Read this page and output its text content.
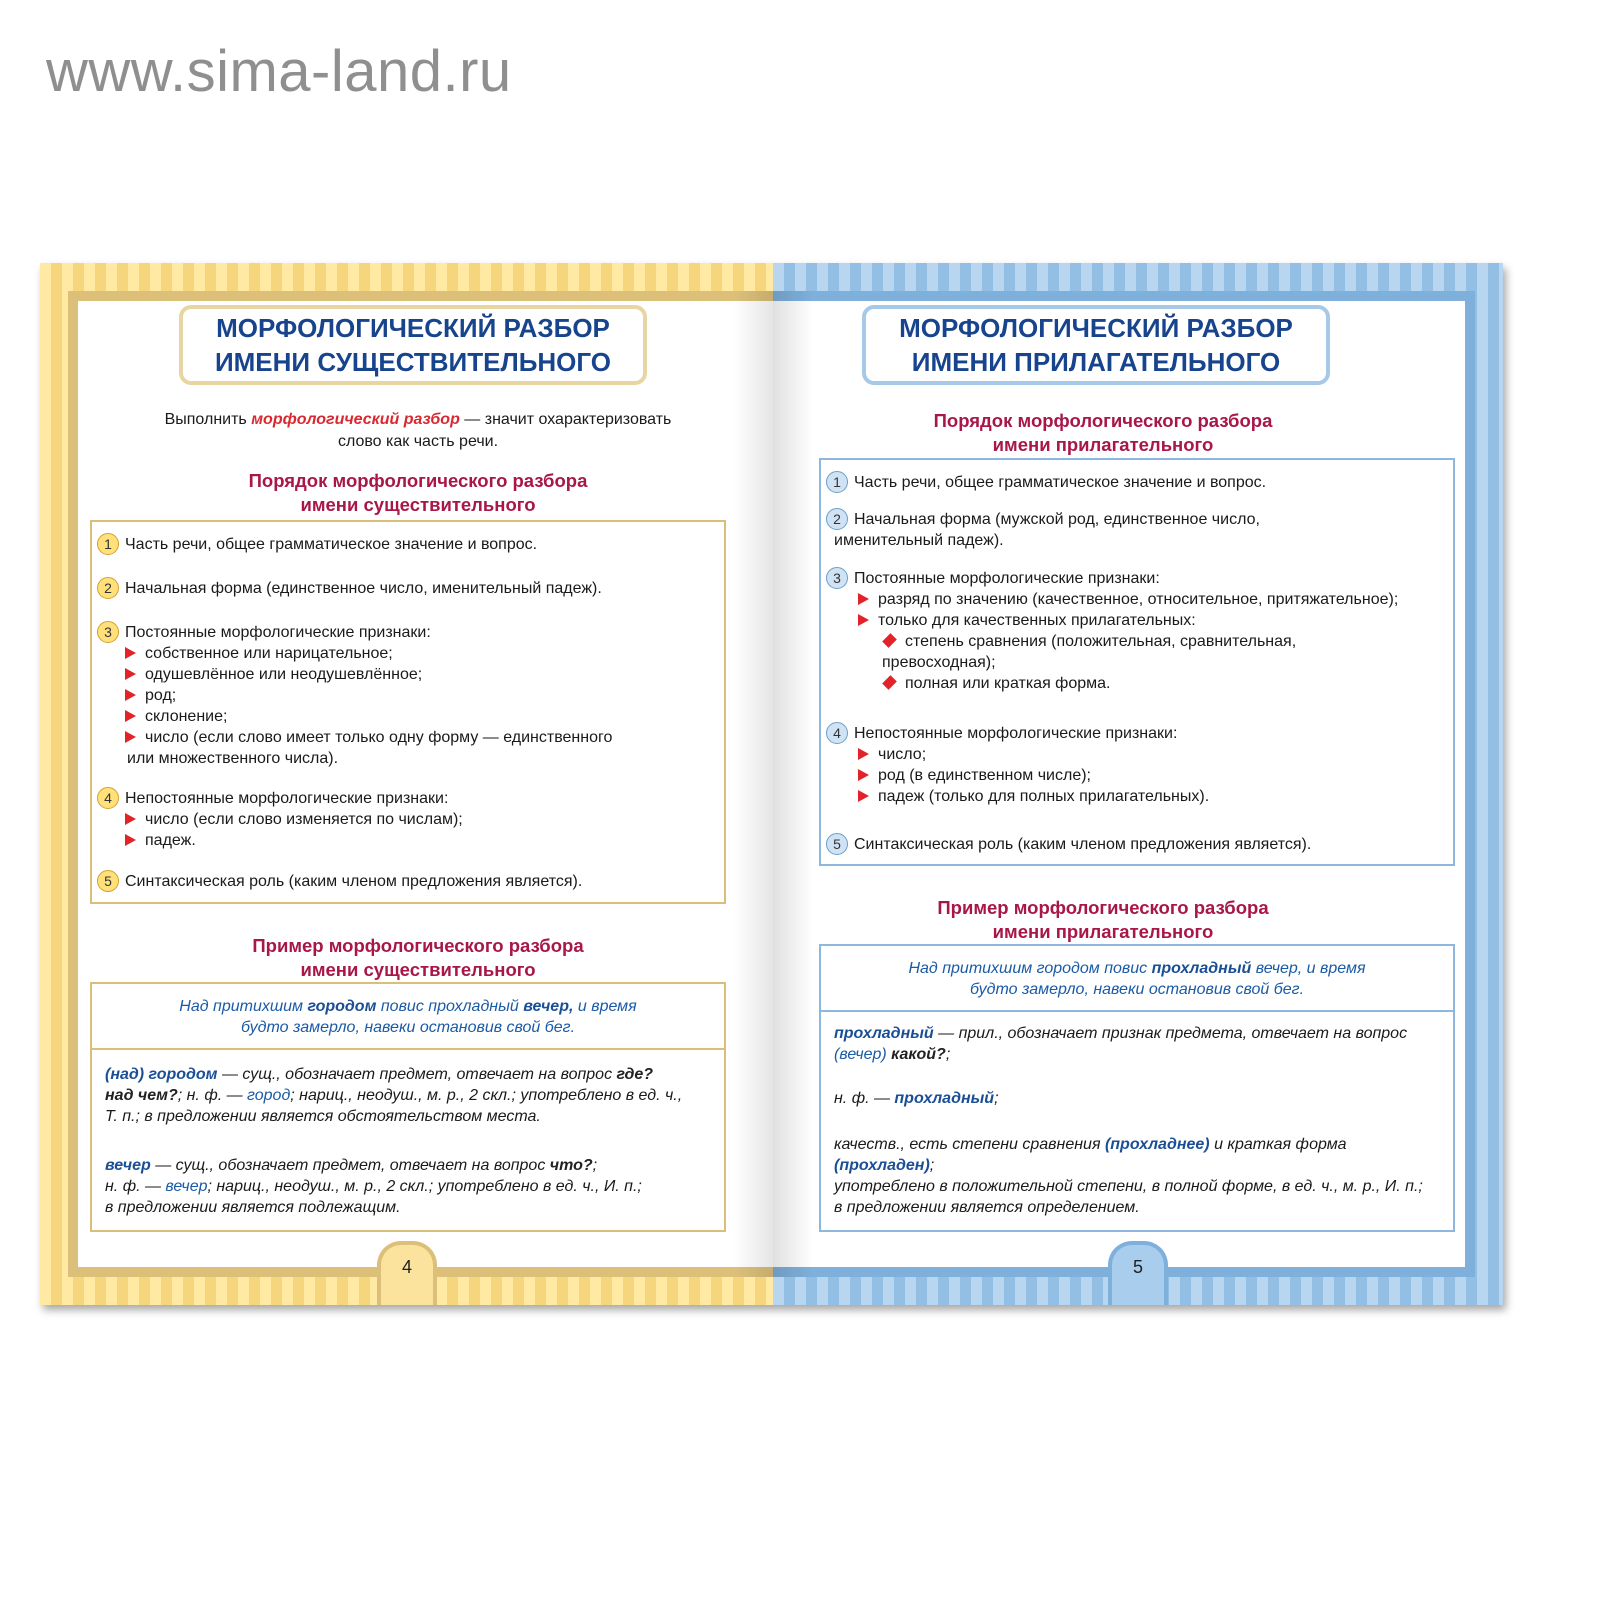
www.sima-land.ru
МОРФОЛОГИЧЕСКИЙ РАЗБОР
ИМЕНИ СУЩЕСТВИТЕЛЬНОГО
Выполнить морфологический разбор — значит охарактеризовать
слово как часть речи.
Порядок морфологического разбора
имени существительного
1 Часть речи, общее грамматическое значение и вопрос.
2 Начальная форма (единственное число, именительный падеж).
3 Постоянные морфологические признаки:
собственное или нарицательное;
одушевлённое или неодушевлённое;
род;
склонение;
число (если слово имеет только одну форму — единственного
или множественного числа).
4 Непостоянные морфологические признаки:
число (если слово изменяется по числам);
падеж.
5 Синтаксическая роль (каким членом предложения является).
Пример морфологического разбора
имени существительного
Над притихшим городом повис прохладный вечер, и время
будто замерло, навеки остановив свой бег.
(над) городом — сущ., обозначает предмет, отвечает на вопрос где?
над чем?; н. ф. — город; нариц., неодуш., м. р., 2 скл.; употреблено в ед. ч.,
Т. п.; в предложении является обстоятельством места.
вечер — сущ., обозначает предмет, отвечает на вопрос что?;
н. ф. — вечер; нариц., неодуш., м. р., 2 скл.; употреблено в ед. ч., И. п.;
в предложении является подлежащим.
4
МОРФОЛОГИЧЕСКИЙ РАЗБОР
ИМЕНИ ПРИЛАГАТЕЛЬНОГО
Порядок морфологического разбора
имени прилагательного
1 Часть речи, общее грамматическое значение и вопрос.
2 Начальная форма (мужской род, единственное число,
именительный падеж).
3 Постоянные морфологические признаки:
разряд по значению (качественное, относительное, притяжательное);
только для качественных прилагательных:
степень сравнения (положительная, сравнительная,
превосходная);
полная или краткая форма.
4 Непостоянные морфологические признаки:
число;
род (в единственном числе);
падеж (только для полных прилагательных).
5 Синтаксическая роль (каким членом предложения является).
Пример морфологического разбора
имени прилагательного
Над притихшим городом повис прохладный вечер, и время
будто замерло, навеки остановив свой бег.
прохладный — прил., обозначает признак предмета, отвечает на вопрос
(вечер) какой?;
н. ф. — прохладный;
качеств., есть степени сравнения (прохладнее) и краткая форма
(прохладен);
употреблено в положительной степени, в полной форме, в ед. ч., м. р., И. п.;
в предложении является определением.
5
